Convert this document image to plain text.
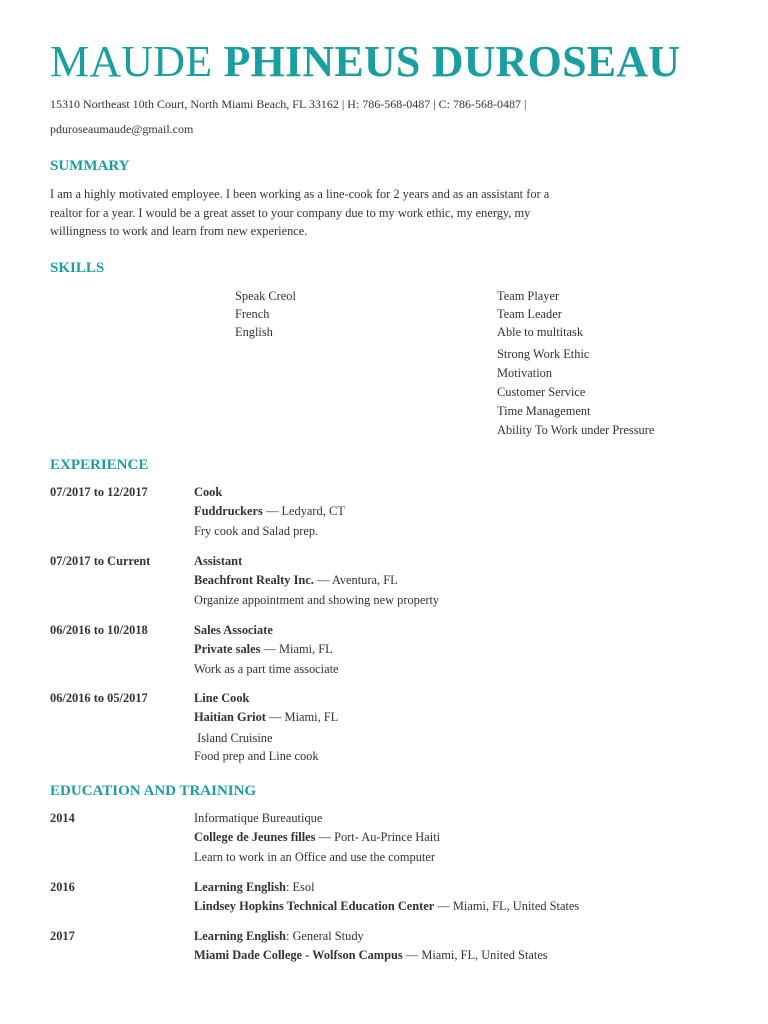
MAUDE PHINEUS DUROSEAU
15310 Northeast 10th Court, North Miami Beach, FL 33162 | H: 786-568-0487 | C: 786-568-0487 |
pduroseaumaude@gmail.com
SUMMARY
I am a highly motivated employee. I been working as a line-cook for 2 years and as an assistant for a
realtor for a year. I would be a great asset to your company due to my work ethic, my energy, my
willingness to work and learn from new experience.
SKILLS
Speak Creol
French
English
Team Player
Team Leader
Able to multitask
Strong Work Ethic
Motivation
Customer Service
Time Management
Ability To Work under Pressure
EXPERIENCE
07/2017 to 12/2017	Cook
Fuddruckers — Ledyard, CT
Fry cook and Salad prep.
07/2017 to Current	Assistant
Beachfront Realty Inc. — Aventura, FL
Organize appointment and showing new property
06/2016 to 10/2018	Sales Associate
Private sales — Miami, FL
Work as a part time associate
06/2016 to 05/2017	Line Cook
Haitian Griot — Miami, FL
Island Cruisine
Food prep and Line cook
EDUCATION AND TRAINING
2014	Informatique Bureautique
College de Jeunes filles — Port- Au-Prince Haiti
Learn to work in an Office and use the computer
2016	Learning English: Esol
Lindsey Hopkins Technical Education Center — Miami, FL, United States
2017	Learning English: General Study
Miami Dade College - Wolfson Campus — Miami, FL, United States
